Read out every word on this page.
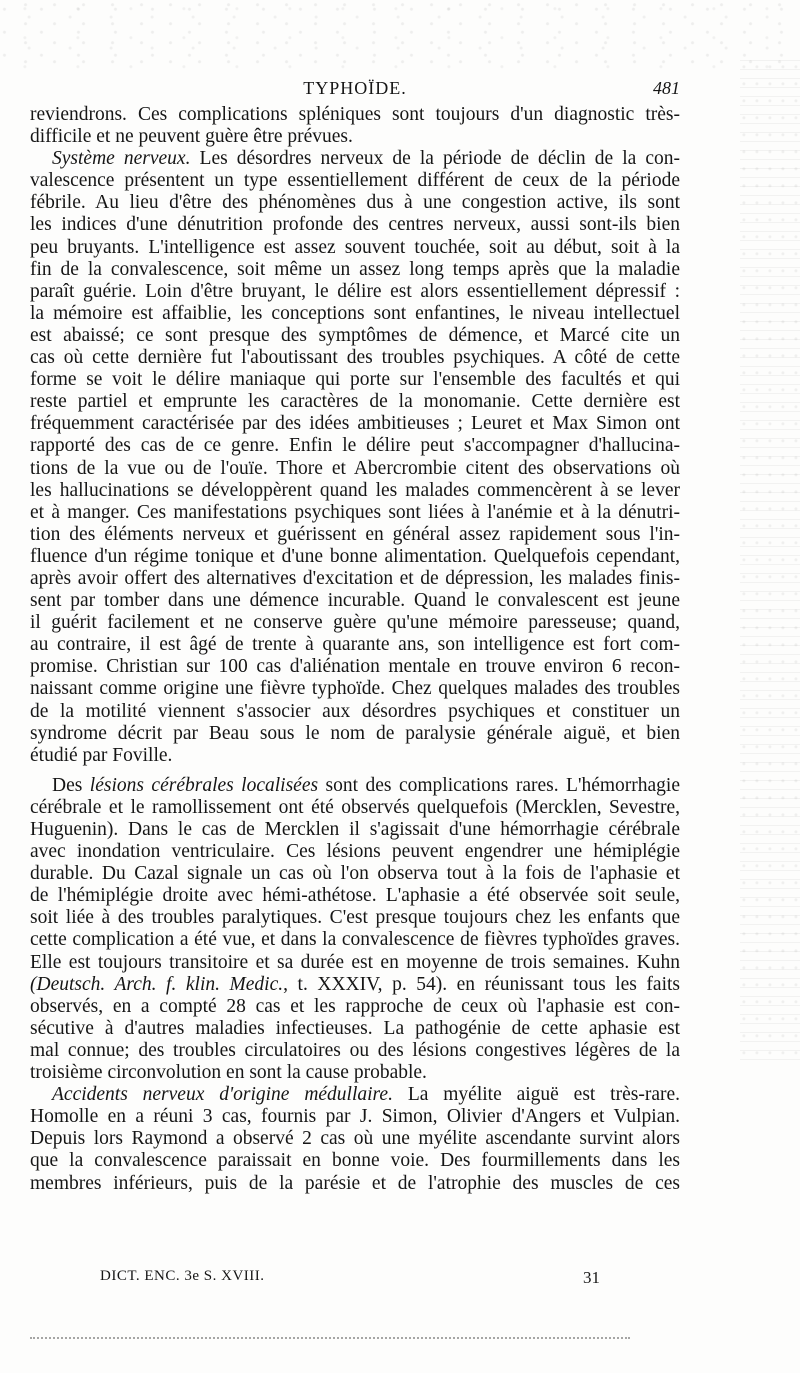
TYPHOÏDE.	481
reviendrons. Ces complications spléniques sont toujours d'un diagnostic très-
difficile et ne peuvent guère être prévues.
Système nerveux. Les désordres nerveux de la période de déclin de la con-
valescence présentent un type essentiellement différent de ceux de la période
fébrile. Au lieu d'être des phénomènes dus à une congestion active, ils sont
les indices d'une dénutrition profonde des centres nerveux, aussi sont-ils bien
peu bruyants. L'intelligence est assez souvent touchée, soit au début, soit à la
fin de la convalescence, soit même un assez long temps après que la maladie
paraît guérie. Loin d'être bruyant, le délire est alors essentiellement dépressif :
la mémoire est affaiblie, les conceptions sont enfantines, le niveau intellectuel
est abaissé; ce sont presque des symptômes de démence, et Marcé cite un
cas où cette dernière fut l'aboutissant des troubles psychiques. A côté de cette
forme se voit le délire maniaque qui porte sur l'ensemble des facultés et qui
reste partiel et emprunte les caractères de la monomanie. Cette dernière est
fréquemment caractérisée par des idées ambitieuses ; Leuret et Max Simon ont
rapporté des cas de ce genre. Enfin le délire peut s'accompagner d'hallucina-
tions de la vue ou de l'ouïe. Thore et Abercrombie citent des observations où
les hallucinations se développèrent quand les malades commencèrent à se lever
et à manger. Ces manifestations psychiques sont liées à l'anémie et à la dénutri-
tion des éléments nerveux et guérissent en général assez rapidement sous l'in-
fluence d'un régime tonique et d'une bonne alimentation. Quelquefois cependant,
après avoir offert des alternatives d'excitation et de dépression, les malades finis-
sent par tomber dans une démence incurable. Quand le convalescent est jeune
il guérit facilement et ne conserve guère qu'une mémoire paresseuse; quand,
au contraire, il est âgé de trente à quarante ans, son intelligence est fort com-
promise. Christian sur 100 cas d'aliénation mentale en trouve environ 6 recon-
naissant comme origine une fièvre typhoïde. Chez quelques malades des troubles
de la motilité viennent s'associer aux désordres psychiques et constituer un
syndrome décrit par Beau sous le nom de paralysie générale aiguë, et bien
étudié par Foville.
Des lésions cérébrales localisées sont des complications rares. L'hémorrhagie
cérébrale et le ramollissement ont été observés quelquefois (Mercklen, Sevestre,
Huguenin). Dans le cas de Mercklen il s'agissait d'une hémorrhagie cérébrale
avec inondation ventriculaire. Ces lésions peuvent engendrer une hémiplégie
durable. Du Cazal signale un cas où l'on observa tout à la fois de l'aphasie et
de l'hémiplégie droite avec hémi-athétose. L'aphasie a été observée soit seule,
soit liée à des troubles paralytiques. C'est presque toujours chez les enfants que
cette complication a été vue, et dans la convalescence de fièvres typhoïdes graves.
Elle est toujours transitoire et sa durée est en moyenne de trois semaines. Kuhn
(Deutsch. Arch. f. klin. Medic., t. XXXIV, p. 54). en réunissant tous les faits
observés, en a compté 28 cas et les rapproche de ceux où l'aphasie est con-
sécutive à d'autres maladies infectieuses. La pathogénie de cette aphasie est
mal connue; des troubles circulatoires ou des lésions congestives légères de la
troisième circonvolution en sont la cause probable.
Accidents nerveux d'origine médullaire. La myélite aiguë est très-rare.
Homolle en a réuni 3 cas, fournis par J. Simon, Olivier d'Angers et Vulpian.
Depuis lors Raymond a observé 2 cas où une myélite ascendante survint alors
que la convalescence paraissait en bonne voie. Des fourmillements dans les
membres inférieurs, puis de la parésie et de l'atrophie des muscles de ces
DICT. ENC. 3e S. XVIII.	31
